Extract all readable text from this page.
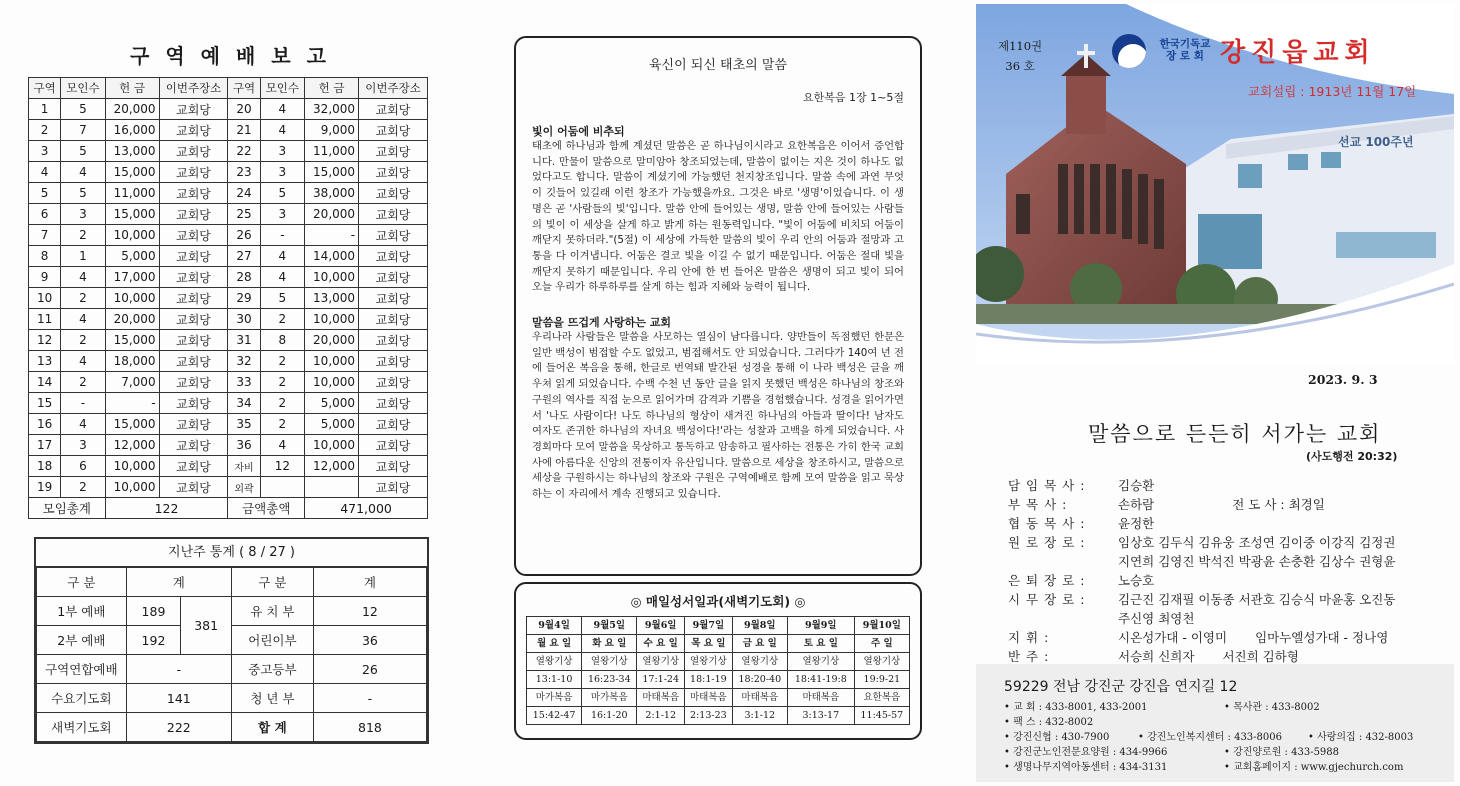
구역예배보고
구역	모인수	헌 금	이번주장소	구역	모인수	헌 금	이번주장소
1	5	20,000	교회당	20	4	32,000	교회당
2	7	16,000	교회당	21	4	9,000	교회당
3	5	13,000	교회당	22	3	11,000	교회당
4	4	15,000	교회당	23	3	15,000	교회당
5	5	11,000	교회당	24	5	38,000	교회당
6	3	15,000	교회당	25	3	20,000	교회당
7	2	10,000	교회당	26	-	-	교회당
8	1	5,000	교회당	27	4	14,000	교회당
9	4	17,000	교회당	28	4	10,000	교회당
10	2	10,000	교회당	29	5	13,000	교회당
11	4	20,000	교회당	30	2	10,000	교회당
12	2	15,000	교회당	31	8	20,000	교회당
13	4	18,000	교회당	32	2	10,000	교회당
14	2	7,000	교회당	33	2	10,000	교회당
15	-	-	교회당	34	2	5,000	교회당
16	4	15,000	교회당	35	2	5,000	교회당
17	3	12,000	교회당	36	4	10,000	교회당
18	6	10,000	교회당	자비	12	12,000	교회당
19	2	10,000	교회당	외곽			교회당
모임총계		122		금액총액		471,000	
지난주 통계 ( 8 / 27 )
구 분	계		구 분	계
1부 예배	189	381	유 치 부	12
2부 예배	192		어린이부	36
구역연합예배	-		중고등부	26
수요기도회	141		청 년 부	-
새벽기도회	222		합 계	818
육신이 되신 태초의 말씀
요한복음 1장 1~5절
빛이 어둠에 비추되

태초에 하나님과 함께 계셨던 말씀은 곧 하나님이시라고 요한복음은 이어서 증언합니다. 만물이 말씀으로 말미암아 창조되었는데, 말씀이 없이는 지은 것이 하나도 없었다고도 합니다. 말씀이 계셨기에 가능했던 천지창조입니다. 말씀 속에 과연 무엇이 깃들어 있길래 이런 창조가 가능했을까요. 그것은 바로 '생명'이었습니다. 이 생명은 곧 '사람들의 빛'입니다. 말씀 안에 들어있는 생명, 말씀 안에 들어있는 사람들의 빛이 이 세상을 살게 하고 밝게 하는 원동력입니다. "빛이 어둠에 비치되 어둠이 깨닫지 못하더라."(5절) 이 세상에 가득한 말씀의 빛이 우리 안의 어둠과 절망과 고통을 다 이겨냅니다. 어둠은 결코 빛을 이길 수 없기 때문입니다. 어둠은 절대 빛을 깨닫지 못하기 때문입니다. 우리 안에 한 번 들어온 말씀은 생명이 되고 빛이 되어 오늘 우리가 하루하루를 살게 하는 힘과 지혜와 능력이 됩니다.

말씀을 뜨겁게 사랑하는 교회

우리나라 사람들은 말씀을 사모하는 열심이 남다릅니다. 양반들이 독점했던 한문은 일반 백성이 범접할 수도 없었고, 범접해서도 안 되었습니다. 그러다가 140여 년 전에 들어온 복음을 통해, 한글로 번역돼 발간된 성경을 통해 이 나라 백성은 글을 깨우쳐 읽게 되었습니다. 수백 수천 년 동안 글을 읽지 못했던 백성은 하나님의 창조와 구원의 역사를 직접 눈으로 읽어가며 감격과 기쁨을 경험했습니다. 성경을 읽어가면서 '나도 사람이다! 나도 하나님의 형상이 새겨진 하나님의 아들과 딸이다! 남자도 여자도 존귀한 하나님의 자녀요 백성이다!'라는 성찰과 고백을 하게 되었습니다. 사경회마다 모여 말씀을 묵상하고 통독하고 암송하고 필사하는 전통은 가히 한국 교회사에 아름다운 신앙의 전통이자 유산입니다. 말씀으로 세상을 창조하시고, 말씀으로 세상을 구원하시는 하나님의 창조와 구원은 구역예배로 함께 모여 말씀을 읽고 묵상하는 이 자리에서 계속 진행되고 있습니다.

◎ 매일성서일과(새벽기도회) ◎
9월4일	9월5일	9월6일	9월7일	9월8일	9월9일	9월10일
월 요 일	화 요 일	수 요 일	목 요 일	금 요 일	토 요 일	주 일
열왕기상	열왕기상	열왕기상	열왕기상	열왕기상	열왕기상	열왕기상
13:1-10	16:23-34	17:1-24	18:1-19	18:20-40	18:41-19:8	19:9-21
마가복음	마가복음	마태복음	마태복음	마태복음	마태복음	요한복음
15:42-47	16:1-20	2:1-12	2:13-23	3:1-12	3:13-17	11:45-57
선교 100주년
제110권
36 호
한국기독교
장 로 회 강진읍교회
교회설립 : 1913년 11월 17일
2023. 9. 3
말씀으로 든든히 서가는 교회
(사도행전 20:32)
담 임 목 사 :	김승환
부 목 사 :	손하람	전 도 사 : 최경일
협 동 목 사 :	윤정한
원 로 장 로 :	임상호 김두식 김유웅 조성연 김이중 이강직 김정권
지연희 김영진 박석진 박광윤 손충환 김상수 권형윤
은 퇴 장 로 :	노승호
시 무 장 로 :	김근진 김재필 이동종 서관호 김승식 마윤홍 오진동
주신영 최영천
지 휘 :	시온성가대 - 이영미 임마누엘성가대 - 정나영
반 주 :	서승희 신희자 서진희 김하형
59229 전남 강진군 강진읍 연지길 12
• 교 회 : 433-8001, 433-2001	• 목사관 : 433-8002
• 팩 스 : 432-8002
• 강진신협 : 430-7900	• 강진노인복지센터 : 433-8006	• 사랑의집 : 432-8003
• 강진군노인전문요양원 : 434-9966	• 강진양로원 : 433-5988
• 생명나무지역아동센터 : 434-3131	• 교회홈페이지 : www.gjechurch.com
